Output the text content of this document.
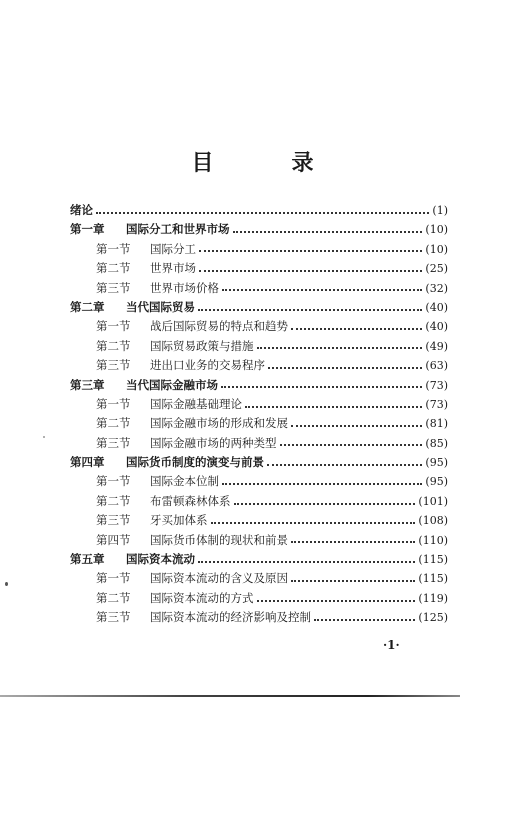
目　录
绪论	(1)
第一章	国际分工和世界市场	(10)
第一节	国际分工	(10)
第二节	世界市场	(25)
第三节	世界市场价格	(32)
第二章	当代国际贸易	(40)
第一节	战后国际贸易的特点和趋势	(40)
第二节	国际贸易政策与措施	(49)
第三节	进出口业务的交易程序	(63)
第三章	当代国际金融市场	(73)
第一节	国际金融基础理论	(73)
第二节	国际金融市场的形成和发展	(81)
第三节	国际金融市场的两种类型	(85)
第四章	国际货币制度的演变与前景	(95)
第一节	国际金本位制	(95)
第二节	布雷顿森林体系	(101)
第三节	牙买加体系	(108)
第四节	国际货币体制的现状和前景	(110)
第五章	国际资本流动	(115)
第一节	国际资本流动的含义及原因	(115)
第二节	国际资本流动的方式	(119)
第三节	国际资本流动的经济影响及控制	(125)
·1·
